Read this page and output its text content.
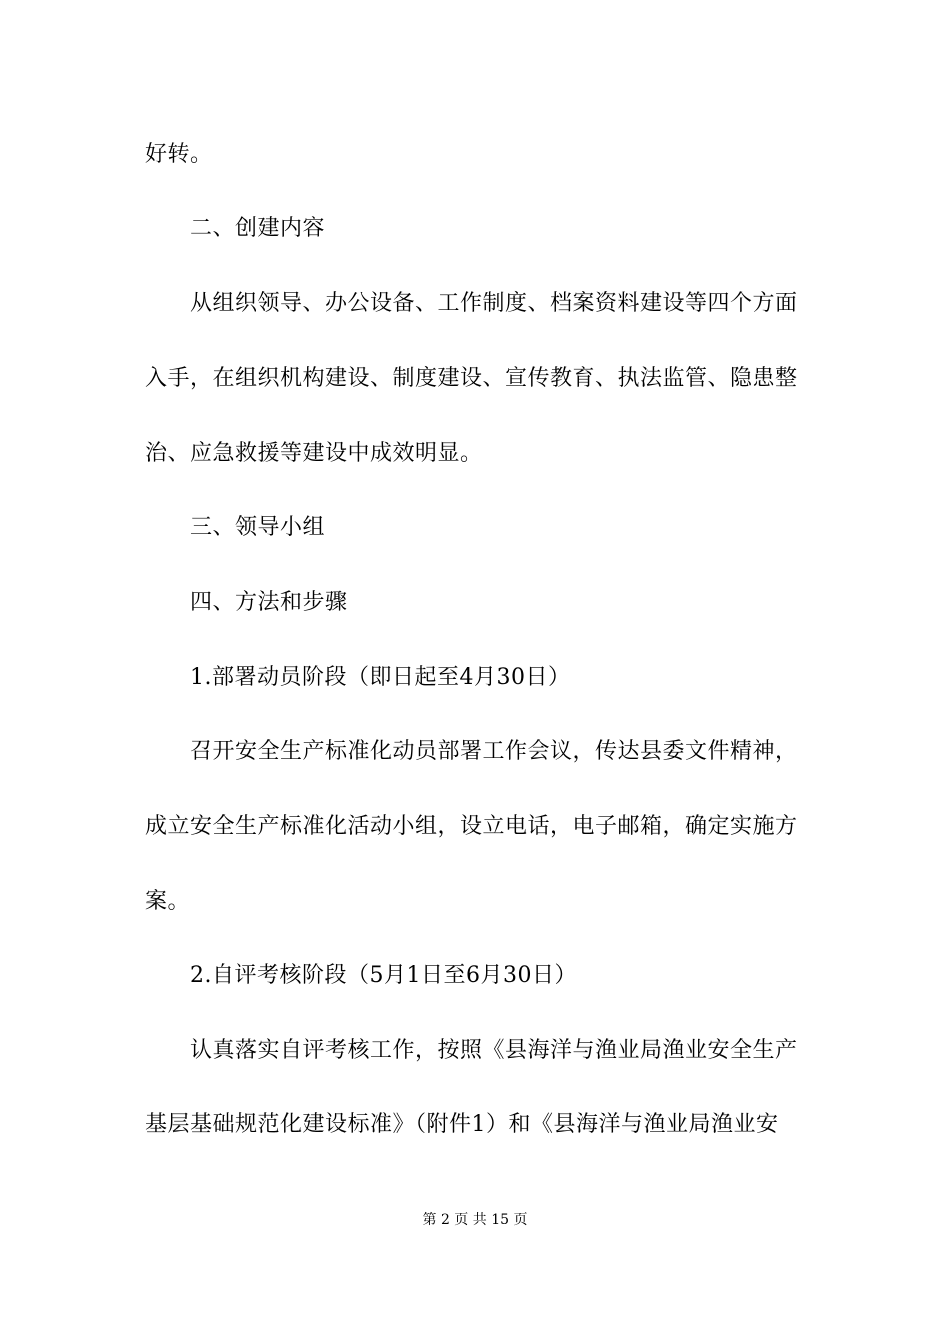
好转。
二、创建内容
从组织领导、办公设备、工作制度、档案资料建设等四个方面
入手，在组织机构建设、制度建设、宣传教育、执法监管、隐患整
治、应急救援等建设中成效明显。
三、领导小组
四、方法和步骤
1.部署动员阶段（即日起至4月30日）
召开安全生产标准化动员部署工作会议，传达县委文件精神，
成立安全生产标准化活动小组，设立电话，电子邮箱，确定实施方
案。
2.自评考核阶段（5月1日至6月30日）
认真落实自评考核工作，按照《县海洋与渔业局渔业安全生产
基层基础规范化建设标准》（附件1）和《县海洋与渔业局渔业安
第 2 页 共 15 页
